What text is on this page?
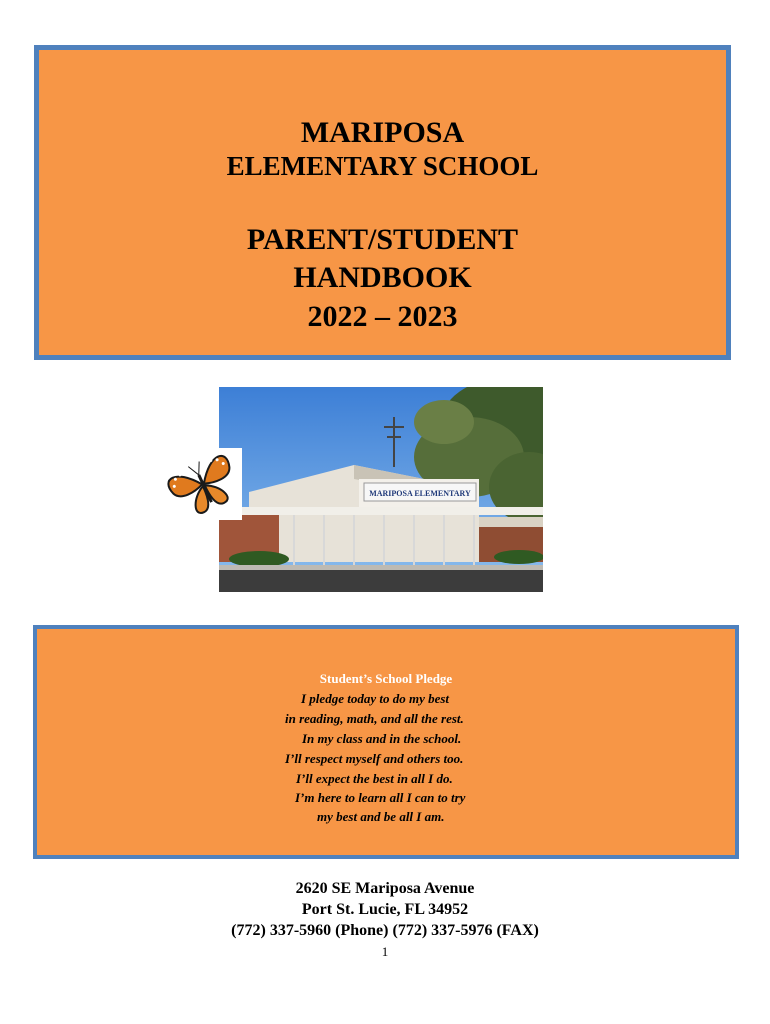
MARIPOSA
ELEMENTARY SCHOOL
PARENT/STUDENT
HANDBOOK
2022 – 2023
MARIPOSA ELEMENTARY
Student’s School Pledge
I pledge today to do my best
in reading, math, and all the rest.
In my class and in the school.
I’ll respect myself and others too.
I’ll expect the best in all I do.
I’m here to learn all I can to try
my best and be all I am.
2620 SE Mariposa Avenue
Port St. Lucie, FL 34952
(772) 337-5960 (Phone) (772) 337-5976 (FAX)
1
